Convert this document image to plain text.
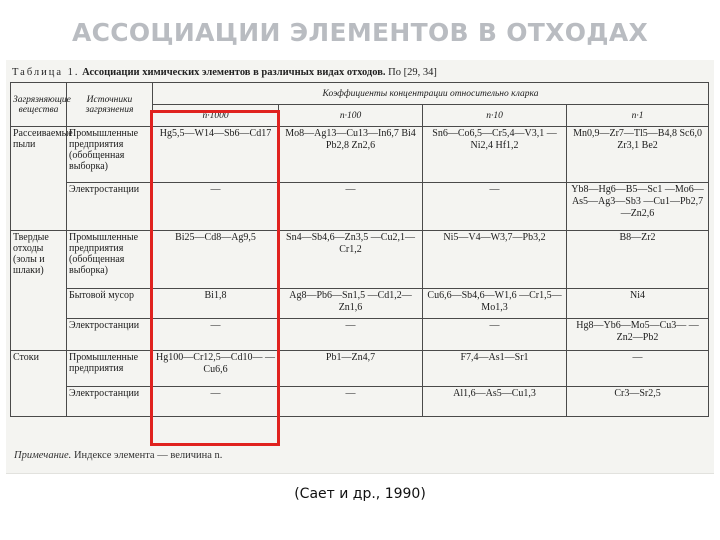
АССОЦИАЦИИ ЭЛЕМЕНТОВ В ОТХОДАХ
Таблица 1. Ассоциации химических элементов в различных видах отходов. По [29, 34]
Загрязняющие вещества	Источники загрязнения	Коэффициенты концентрации относительно кларка			
		n·1000	n·100	n·10	n·1
Рассеиваемые пыли	Промышленные предприятия (обобщенная выборка)	Hg5,5—W14—Sb6—Cd17	Mo8—Ag13—Cu13—In6,7 Bi4 Pb2,8 Zn2,6	Sn6—Co6,5—Cr5,4—V3,1 —Ni2,4 Hf1,2	Mn0,9—Zr7—Tl5—B4,8 Sc6,0 Zr3,1 Be2
	Электростанции	—	—	—	Yb8—Hg6—B5—Sc1 —Mo6—As5—Ag3—Sb3 —Cu1—Pb2,7—Zn2,6
Твердые отходы (золы и шлаки)	Промышленные предприятия (обобщенная выборка)	Bi25—Cd8—Ag9,5	Sn4—Sb4,6—Zn3,5 —Cu2,1—Cr1,2	Ni5—V4—W3,7—Pb3,2	B8—Zr2
	Бытовой мусор	Bi1,8	Ag8—Pb6—Sn1,5 —Cd1,2—Zn1,6	Cu6,6—Sb4,6—W1,6 —Cr1,5—Mo1,3	Ni4
	Электростанции	—	—	—	Hg8—Yb6—Mo5—Cu3— —Zn2—Pb2
Стоки	Промышленные предприятия	Hg100—Cr12,5—Cd10— —Cu6,6	Pb1—Zn4,7	F7,4—As1—Sr1	—
	Электростанции	—	—	Al1,6—As5—Cu1,3	Cr3—Sr2,5
Примечание. Индексе элемента — величина n.
(Сает и др., 1990)
